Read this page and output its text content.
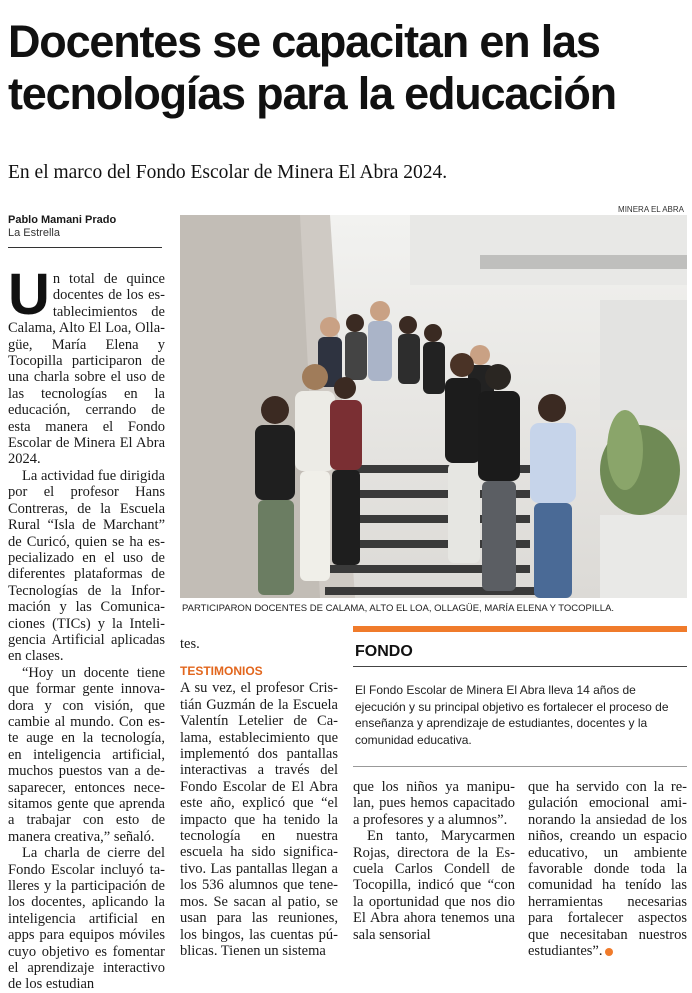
Docentes se capacitan en las
tecnologías para la educación
En el marco del Fondo Escolar de Minera El Abra 2024.
Pablo Mamani Prado
La Estrella
MINERA EL ABRA
PARTICIPARON DOCENTES DE CALAMA, ALTO EL LOA, OLLAGÜE, MARÍA ELENA Y TOCOPILLA.

Un total de quince docentes de los establecimientos de Calama, Alto El Loa, Ollagüe, María Elena y Tocopilla participaron de una charla sobre el uso de las tecnologías en la educación, cerrando de esta manera el Fondo Escolar de Minera El Abra 2024.

La actividad fue dirigida por el profesor Hans Contreras, de la Escuela Rural “Isla de Marchant” de Curicó, quien se ha especializado en el uso de diferentes plataformas de Tecnologías de la Información y las Comunicaciones (TICs) y la Inteligencia Artificial aplicadas en clases.

“Hoy un docente tiene que formar gente innovadora y con visión, que cambie al mundo. Con este auge en la tecnología, en inteligencia artificial, muchos puestos van a desaparecer, entonces necesitamos gente que aprenda a trabajar con esto de manera creativa,” señaló.

La charla de cierre del Fondo Escolar incluyó talleres y la participación de los docentes, aplicando la inteligencia artificial en apps para equipos móviles cuyo objetivo es fomentar el aprendizaje interactivo de los estudian

tes.

TESTIMONIOS

A su vez, el profesor Cristián Guzmán de la Escuela Valentín Letelier de Calama, establecimiento que implementó dos pantallas interactivas a través del Fondo Escolar de El Abra este año, explicó que “el impacto que ha tenido la tecnología en nuestra escuela ha sido significativo. Las pantallas llegan a los 536 alumnos que tenemos. Se sacan al patio, se usan para las reuniones, los bingos, las cuentas públicas. Tienen un sistema

FONDO
El Fondo Escolar de Minera El Abra lleva 14 años de ejecución y su principal objetivo es fortalecer el proceso de enseñanza y aprendizaje de estudiantes, docentes y la comunidad educativa.

que los niños ya manipulan, pues hemos capacitado a profesores y a alumnos”.

En tanto, Marycarmen Rojas, directora de la Escuela Carlos Condell de Tocopilla, indicó que “con la oportunidad que nos dio El Abra ahora tenemos una sala sensorial

que ha servido con la regulación emocional aminorando la ansiedad de los niños, creando un espacio educativo, un ambiente favorable donde toda la comunidad ha tenído las herramientas necesarias para fortalecer aspectos que necesitaban nuestros estudiantes”.
